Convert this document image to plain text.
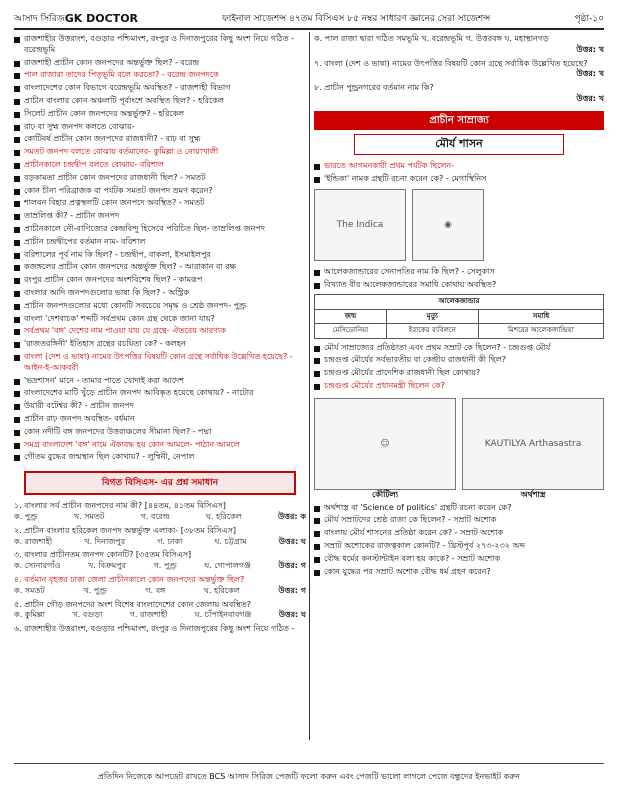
আসাদ সিরিজ GK DOCTOR	ফাইনাল সাজেশন্স ৪৭তম বিসিএস ৮৫ নম্বর সাধারণ জ্ঞানের সেরা সাজেশন্স	পৃষ্ঠা-১০
রাজশাহীর উত্তরাংশ, বগুড়ার পশ্চিমাংশ, রংপুর ও দিনাজপুরের কিছু অংশ নিয়ে গঠিত - বরেন্দ্রভূমি
রাজশাহী প্রাচীন কোন জনপদের অন্তর্ভুক্ত ছিল? - বরেন্দ্র
পাল রাজারা তাদের পিতৃভূমি বলে করতো? - বরেন্দ্র জনপদকে
বাংলাদেশের কোন বিভাগে বরেন্দ্রভূমি অবস্থিত? - রাজশাহী বিভাগ
প্রাচীন বাংলার কোন অঞ্চলটি পূর্বাংশে অবস্থিত ছিল? - হরিকেল
সিলেট প্রাচীন কোন জনপদের অন্তর্ভুক্ত? - হরিকেল
রাঢ় বা সুহ্ম জনপদ কলতে বোঝায়-
কোটিবর্ষ প্রাচীন কোন জনপদের রাজধানী? - রাঢ় বা সুহ্ম
সমতট জনপদ বলতে বোঝায় বর্তমানের- কুমিল্লা ও নোয়াখালী
প্রাচীনকালে চন্দ্রদ্বীপ বলতে বোঝায়- বরিশাল
বড়কামতা প্রাচীন কোন জনপদের রাজধানী ছিল? - সমতট
কোন চীনা পরিব্রাজক বা পর্যটক সমতট জনপদ ভ্রমণ করেন?
শালবন বিহার প্রত্নস্থলটি কোন জনপদে অবস্থিত? - সমতট
তাম্রলিপ্ত কী? - প্রাচীন জনপদ
প্রাচীনকালে নৌ-বাণিজ্যের কেন্দ্রবিন্দু হিসেবে পরিচিত ছিল- তাম্রলিপ্ত জনপদ
প্রাচীন চন্দ্রদ্বীপের বর্তমান নাম- বরিশাল
বরিশালের পূর্ব নাম কি ছিল? - চন্দ্রদ্বীপ, বাকলা, ইসমাইলপুর
কজঙ্গলের প্রাচীন কোন জনপদের অন্তর্ভুক্ত ছিল? - আরাকান বা রক্ষ
রংপুর প্রাচীন কোন জনপদের অংশবিশেষ ছিল? - কামরূপ
বাংলার আদি জনপদগুলোর ভাষা কি ছিল? - অস্ট্রিক
প্রাচীন জনপদগুলোর মধ্যে কোনটি সবচেয়ে সমৃদ্ধ ও শ্রেষ্ঠ জনপদ- পুণ্ড্র
বাংলা 'দেশবাচক' শব্দটি সর্বপ্রথম কোন গ্রন্থ থেকে জানা যায়?
সর্বপ্রথম 'বঙ্গ' দেশের নাম পাওয়া যায় যে গ্রন্থে- ঐতরেয় আরণ্যক
'রাজতরঙ্গিনী' ইতিহাস গ্রন্থের রচয়িতা কে? - কলহন
বাংলা (দেশ ও ভাষা) নামের উৎপত্তির বিষয়টি কোন গ্রন্থে সর্বাধিক উল্লেখিত হয়েছে? - আইন-ই-আকবরী
'ভদ্রশাসন' মানে - তামার পাতে খোদাই করা আদেশ
বাংলাদেশের মাটি খুঁড়ে প্রাচীন জনপদ আবিষ্কৃত হয়েছে কোথায়? - নাটোর
উয়ারী বটেশ্বর কী? - প্রাচীন জনপদ
প্রাচীন রাঢ় জনপদ অবস্থিত- বর্ধমান
কোন নদীটি বঙ্গ জনপদের উত্তরাঞ্চলের সীমানা ছিল? - পদ্মা
সমগ্র বাংলাদেশ 'বঙ্গ' নামে ঐক্যবদ্ধ হয় কোন আমলে- পাঠান আমলে
গৌতম বুদ্ধের জন্মস্থান ছিল কোথায়? - লুম্বিনী, নেপাল
বিগত বিসিএস- এর প্রশ্ন সমাধান
১. বাংলার সর্ব প্রাচীন জনপদের নাম কী? [৪৪তম, ৪১তম বিসিএস]
ক. পুণ্ড্র	খ. সমতট	গ. বরেন্দ্র	ঘ. হরিকেল	উত্তর: ক
২. প্রাচীন বাংলার হরিকেল জনপদ অন্তর্ভুক্ত এলাকা- [৩৮তম বিসিএস]
ক. রাজশাহী	খ. দিনাজপুর	গ. ঢাকা	ঘ. চট্টগ্রাম	উত্তর: ঘ
৩. বাংলার প্রাচীনতম জনপদ কোনটি? [৩৫তম বিসিএস]
ক. সোনারগাঁও	খ. বিক্রমপুর	গ. পুণ্ড্র	ঘ. গোপালগঞ্জ	উত্তর: গ
৪. বর্তমান বৃহত্তর ঢাকা জেলা প্রাচীনকালে কোন জনপদের অন্তর্ভুক্ত ছিল?
ক. সমতট	খ. পুণ্ড্র	গ. বঙ্গ	ঘ. হরিকেল	উত্তর: গ
৫. প্রাচীন গৌড় জনপদের অংশ বিশেষ বাংলাদেশের কোন জেলায় অবস্থিত?
ক. কুমিল্লা	খ. বগুড়া	গ. রাজশাহী	ঘ. চাঁপাইনবাবগঞ্জ	উত্তর: ঘ
৬. রাজশাহীর উত্তরাংশ, বগুড়ার পশ্চিমাংশ, রংপুর ও দিনাজপুরের কিছু অংশ নিয়ে গঠিত -
ক. পাল রাজা দ্বারা গঠিত সমভূমি খ. বরেন্দ্রভূমি গ. উত্তরবঙ্গ ঘ. মহাস্থানগড়
উত্তর: খ
৭. বাংলা (দেশ ও ভাষা) নামের উৎপত্তির বিষয়টি কোন গ্রন্থে সর্বাধিক উল্লেখিত হয়েছে?
উত্তর: খ
৮. প্রাচীন পুন্ড্রনগরের বর্তমান নাম কি?
উত্তর: খ
প্রাচীন সাম্রাজ্য
মৌর্য শাসন
ভারতে আগমনকারী প্রথম পর্যটক ছিলেন-
'ইন্ডিকা' নামক গ্রন্থটি রচনা করেন কে? - মেগাস্থিনিস
The Indica	◉
আলেকজান্ডারের সেনাপতির নাম কি ছিল? - সেলুকাস
বিখ্যাত বীর আলেকজান্ডারের সমাধি কোথায় অবস্থিত?
আলেকজান্ডার		
জন্ম	মৃত্যু	সমাধি
মেসিডোনিয়া	ইরাকের ব্যবিলনে	মিশরের আলেকজান্দ্রিয়া
মৌর্য সাম্রাজ্যের প্রতিষ্ঠাতা এবং প্রথম সম্রাট কে ছিলেন? - চন্দ্রগুপ্ত মৌর্য
চন্দ্রগুপ্ত মৌর্যের সর্বভারতীয় বা কেন্দ্রীয় রাজধানী কী ছিল?
চন্দ্রগুপ্ত মৌর্যের প্রাদেশিক রাজধানী ছিল কোথায়?
চন্দ্রগুপ্ত মৌর্যের প্রধানমন্ত্রী ছিলেন কে?
☺
কৌটিল্য
KAUTILYA Arthasastra
অর্থশাস্ত্র
অর্থশাস্ত্র বা 'Science of politics' গ্রন্থটি রচনা করেন কে?
মৌর্য সম্রাটদের শ্রেষ্ঠ রাজা কে ছিলেন? - সম্রাট অশোক
বাংলায় মৌর্য শাসনের প্রতিষ্ঠা করেন কে? - সম্রাট অশোক
সম্রাট অশোকের রাজত্বকাল কোনটি? - খ্রিস্টপূর্ব ২৭৩-২৩২ অব্দ
বৌদ্ধ ধর্মের কনস্টান্টাইন বলা হয় কাকে? - সম্রাট অশোক
কোন যুদ্ধের পর সম্রাট অশোক বৌদ্ধ ধর্ম গ্রহণ করেন?
প্রতিদিন নিজেকে আপডেট রাখতে BCS আসাদ সিরিজ পেজটি ফলো করুন এবং পেজটি ভালো লাগলে পেজে বন্ধুদের ইনভাইট করুন
